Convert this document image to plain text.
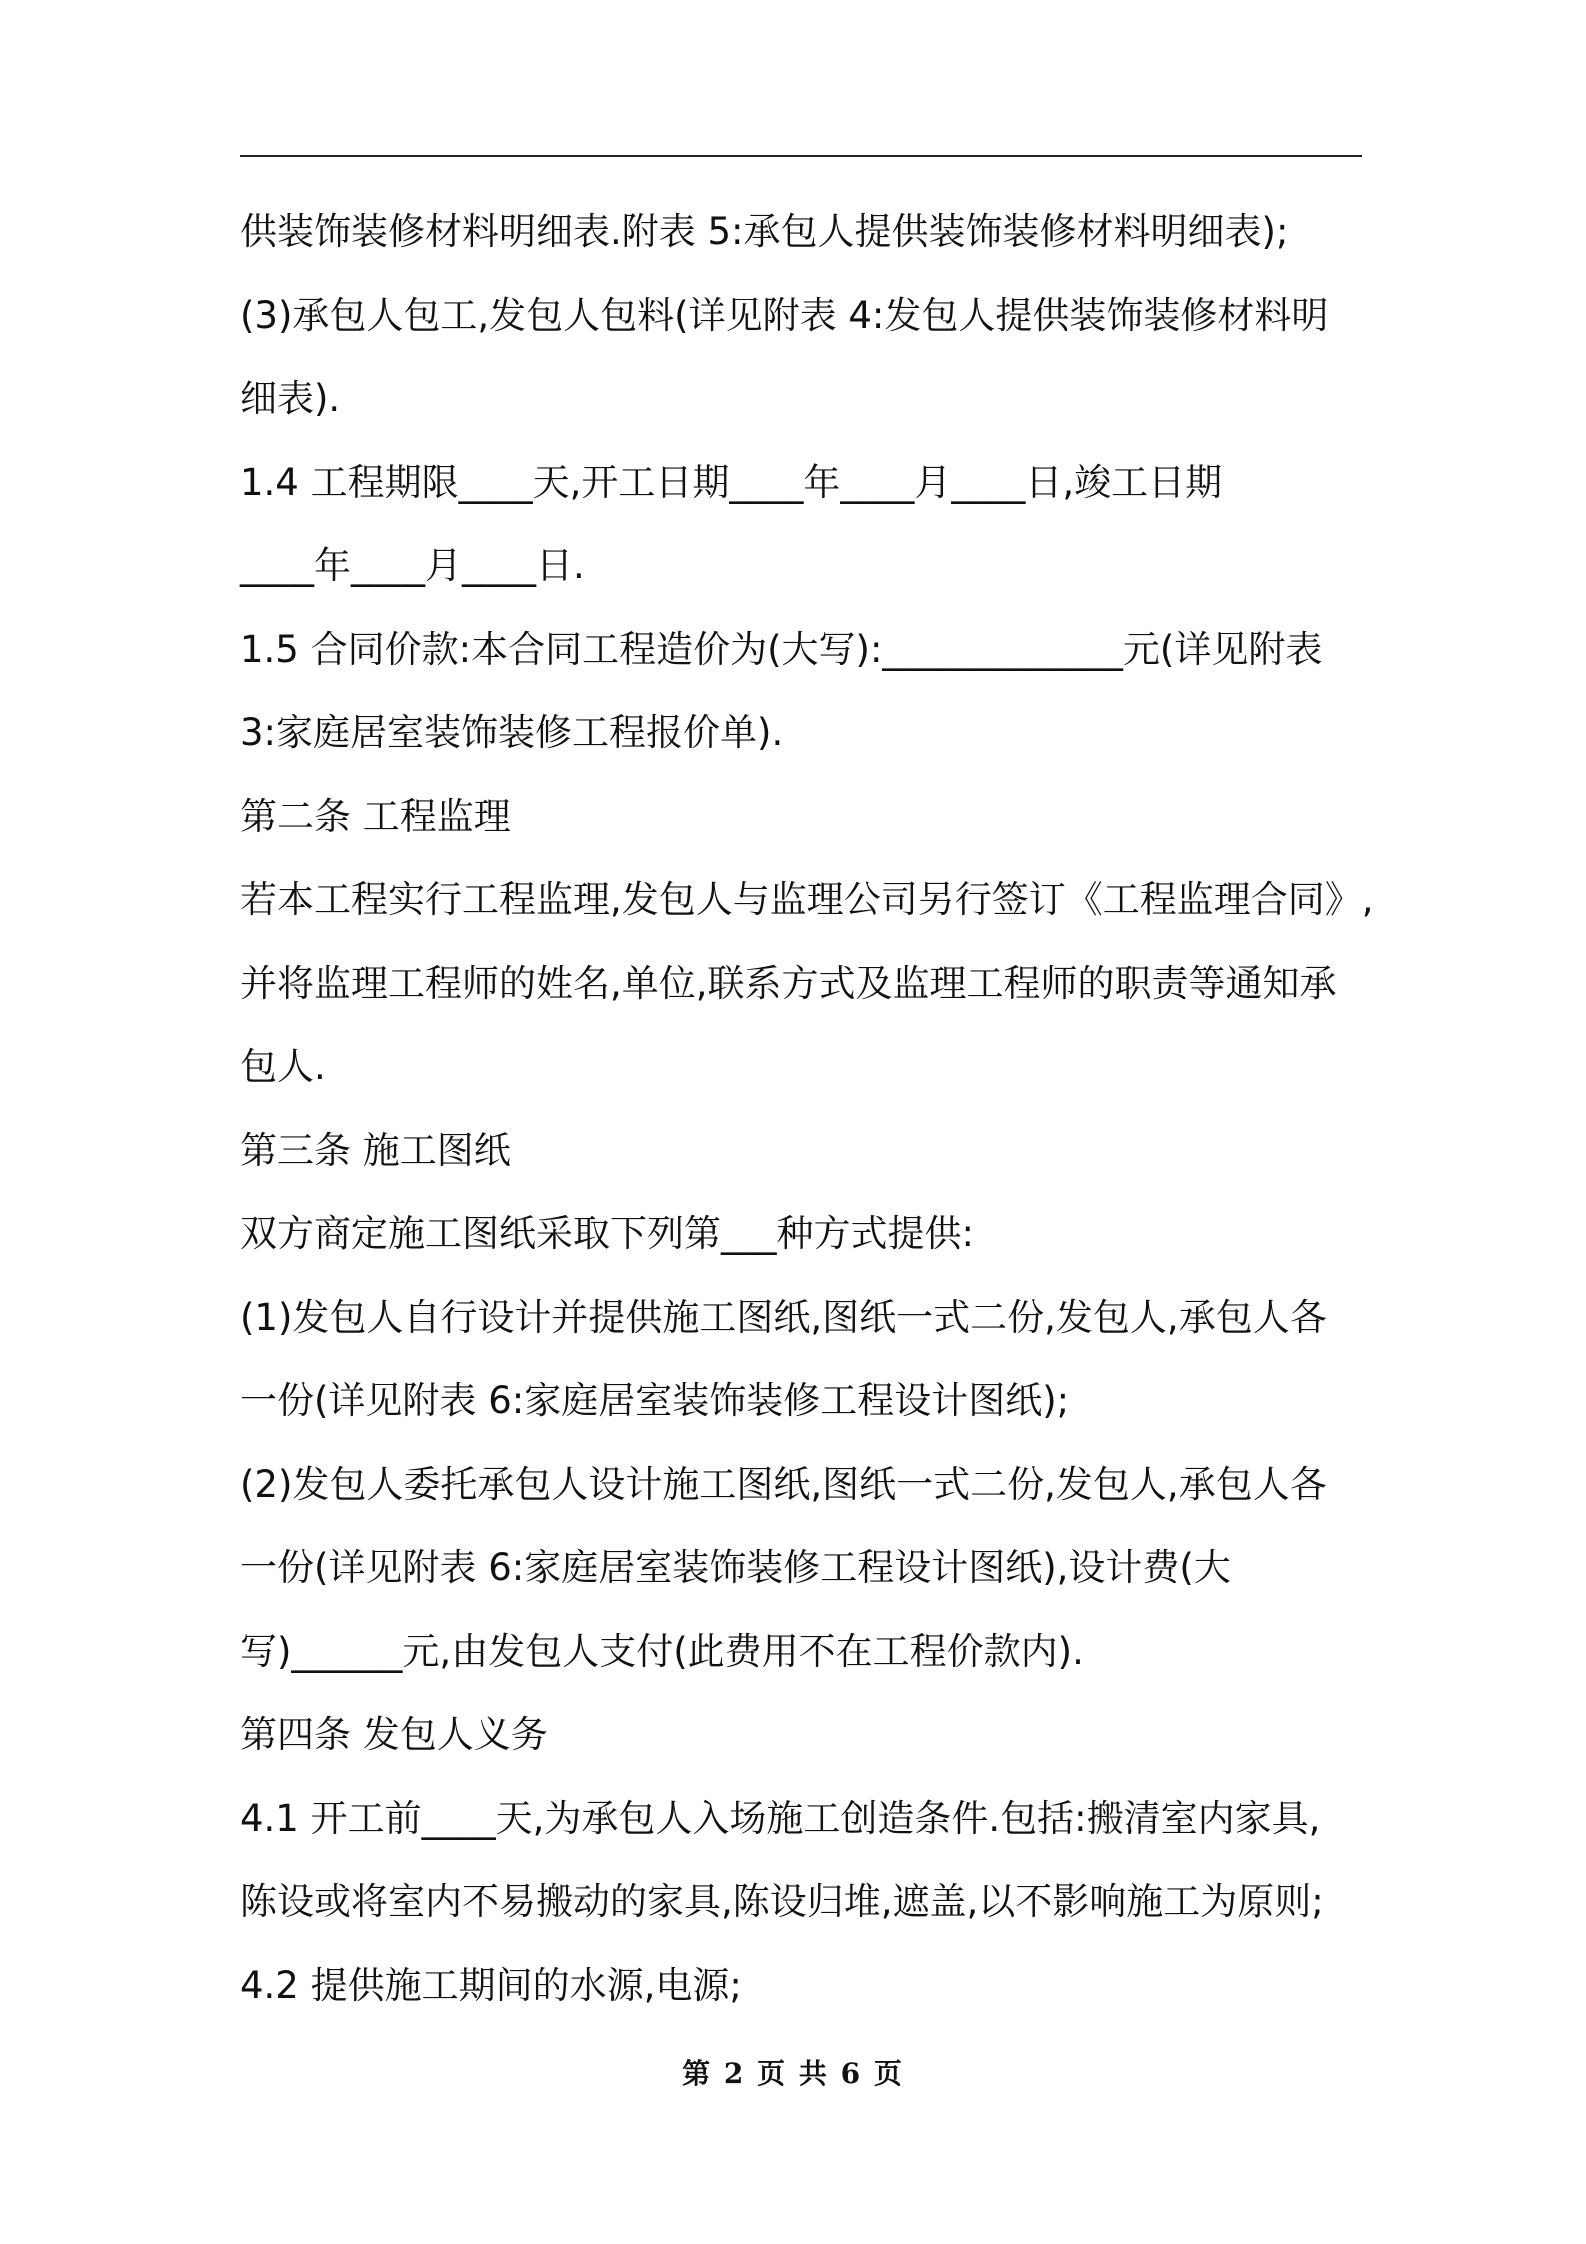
供装饰装修材料明细表.附表 5:承包人提供装饰装修材料明细表);
(3)承包人包工,发包人包料(详见附表 4:发包人提供装饰装修材料明
细表).
1.4 工程期限____天,开工日期____年____月____日,竣工日期
____年____月____日.
1.5 合同价款:本合同工程造价为(大写):_____________元(详见附表
3:家庭居室装饰装修工程报价单).
第二条 工程监理
若本工程实行工程监理,发包人与监理公司另行签订《工程监理合同》,
并将监理工程师的姓名,单位,联系方式及监理工程师的职责等通知承
包人.
第三条 施工图纸
双方商定施工图纸采取下列第___种方式提供:
(1)发包人自行设计并提供施工图纸,图纸一式二份,发包人,承包人各
一份(详见附表 6:家庭居室装饰装修工程设计图纸);
(2)发包人委托承包人设计施工图纸,图纸一式二份,发包人,承包人各
一份(详见附表 6:家庭居室装饰装修工程设计图纸),设计费(大
写)______元,由发包人支付(此费用不在工程价款内).
第四条 发包人义务
4.1 开工前____天,为承包人入场施工创造条件.包括:搬清室内家具,
陈设或将室内不易搬动的家具,陈设归堆,遮盖,以不影响施工为原则;
4.2 提供施工期间的水源,电源;
第 2 页 共 6 页
